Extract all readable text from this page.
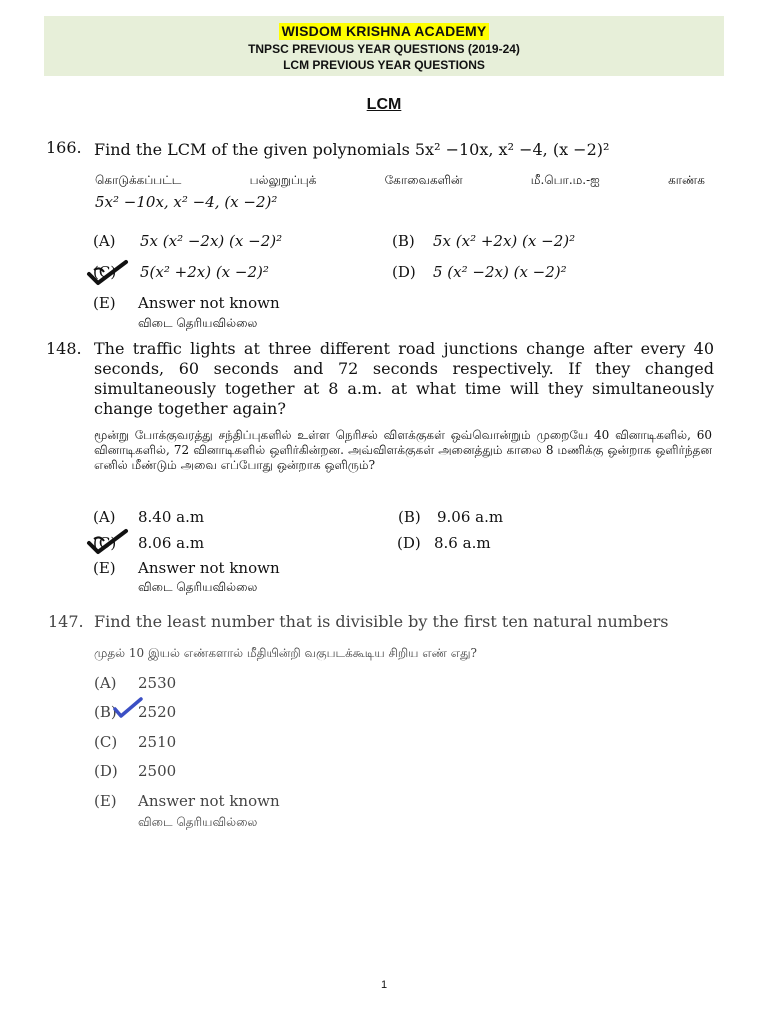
WISDOM KRISHNA ACADEMY
TNPSC PREVIOUS YEAR QUESTIONS (2019-24)
LCM PREVIOUS YEAR QUESTIONS
LCM
166. Find the LCM of the given polynomials 5x² −10x, x² −4, (x −2)²
கொடுக்கப்பட்ட	பல்லுறுப்புக்	கோவைகளின்	மீ.பொ.ம.-ஐ	காண்க
5x² −10x, x² −4, (x −2)²
(A) 5x (x² −2x) (x −2)²	(B) 5x (x² +2x) (x −2)²
(C) 5(x² +2x) (x −2)²	(D) 5 (x² −2x) (x −2)²
(E) Answer not known
விடை தெரியவில்லை
148. The traffic lights at three different road junctions change after every 40 seconds, 60 seconds and 72 seconds respectively. If they changed simultaneously together at 8 a.m. at what time will they simultaneously change together again?
மூன்று போக்குவரத்து சந்திப்புகளில் உள்ள நெரிசல் விளக்குகள் ஒவ்வொன்றும் முறையே 40 வினாடிகளில், 60 வினாடிகளில், 72 வினாடிகளில் ஒளிர்கின்றன. அவ்விளக்குகள் அனைத்தும் காலை 8 மணிக்கு ஒன்றாக ஒளிர்ந்தன எனில் மீண்டும் அவை எப்போது ஒன்றாக ஒளிரும்?
(A) 8.40 a.m	(B) 9.06 a.m
(C) 8.06 a.m	(D) 8.6 a.m
(E) Answer not known
விடை தெரியவில்லை
147. Find the least number that is divisible by the first ten natural numbers
முதல் 10 இயல் எண்களால் மீதியின்றி வகுபடக்கூடிய சிறிய எண் எது?
(A) 2530
(B) 2520
(C) 2510
(D) 2500
(E) Answer not known
விடை தெரியவில்லை
1
